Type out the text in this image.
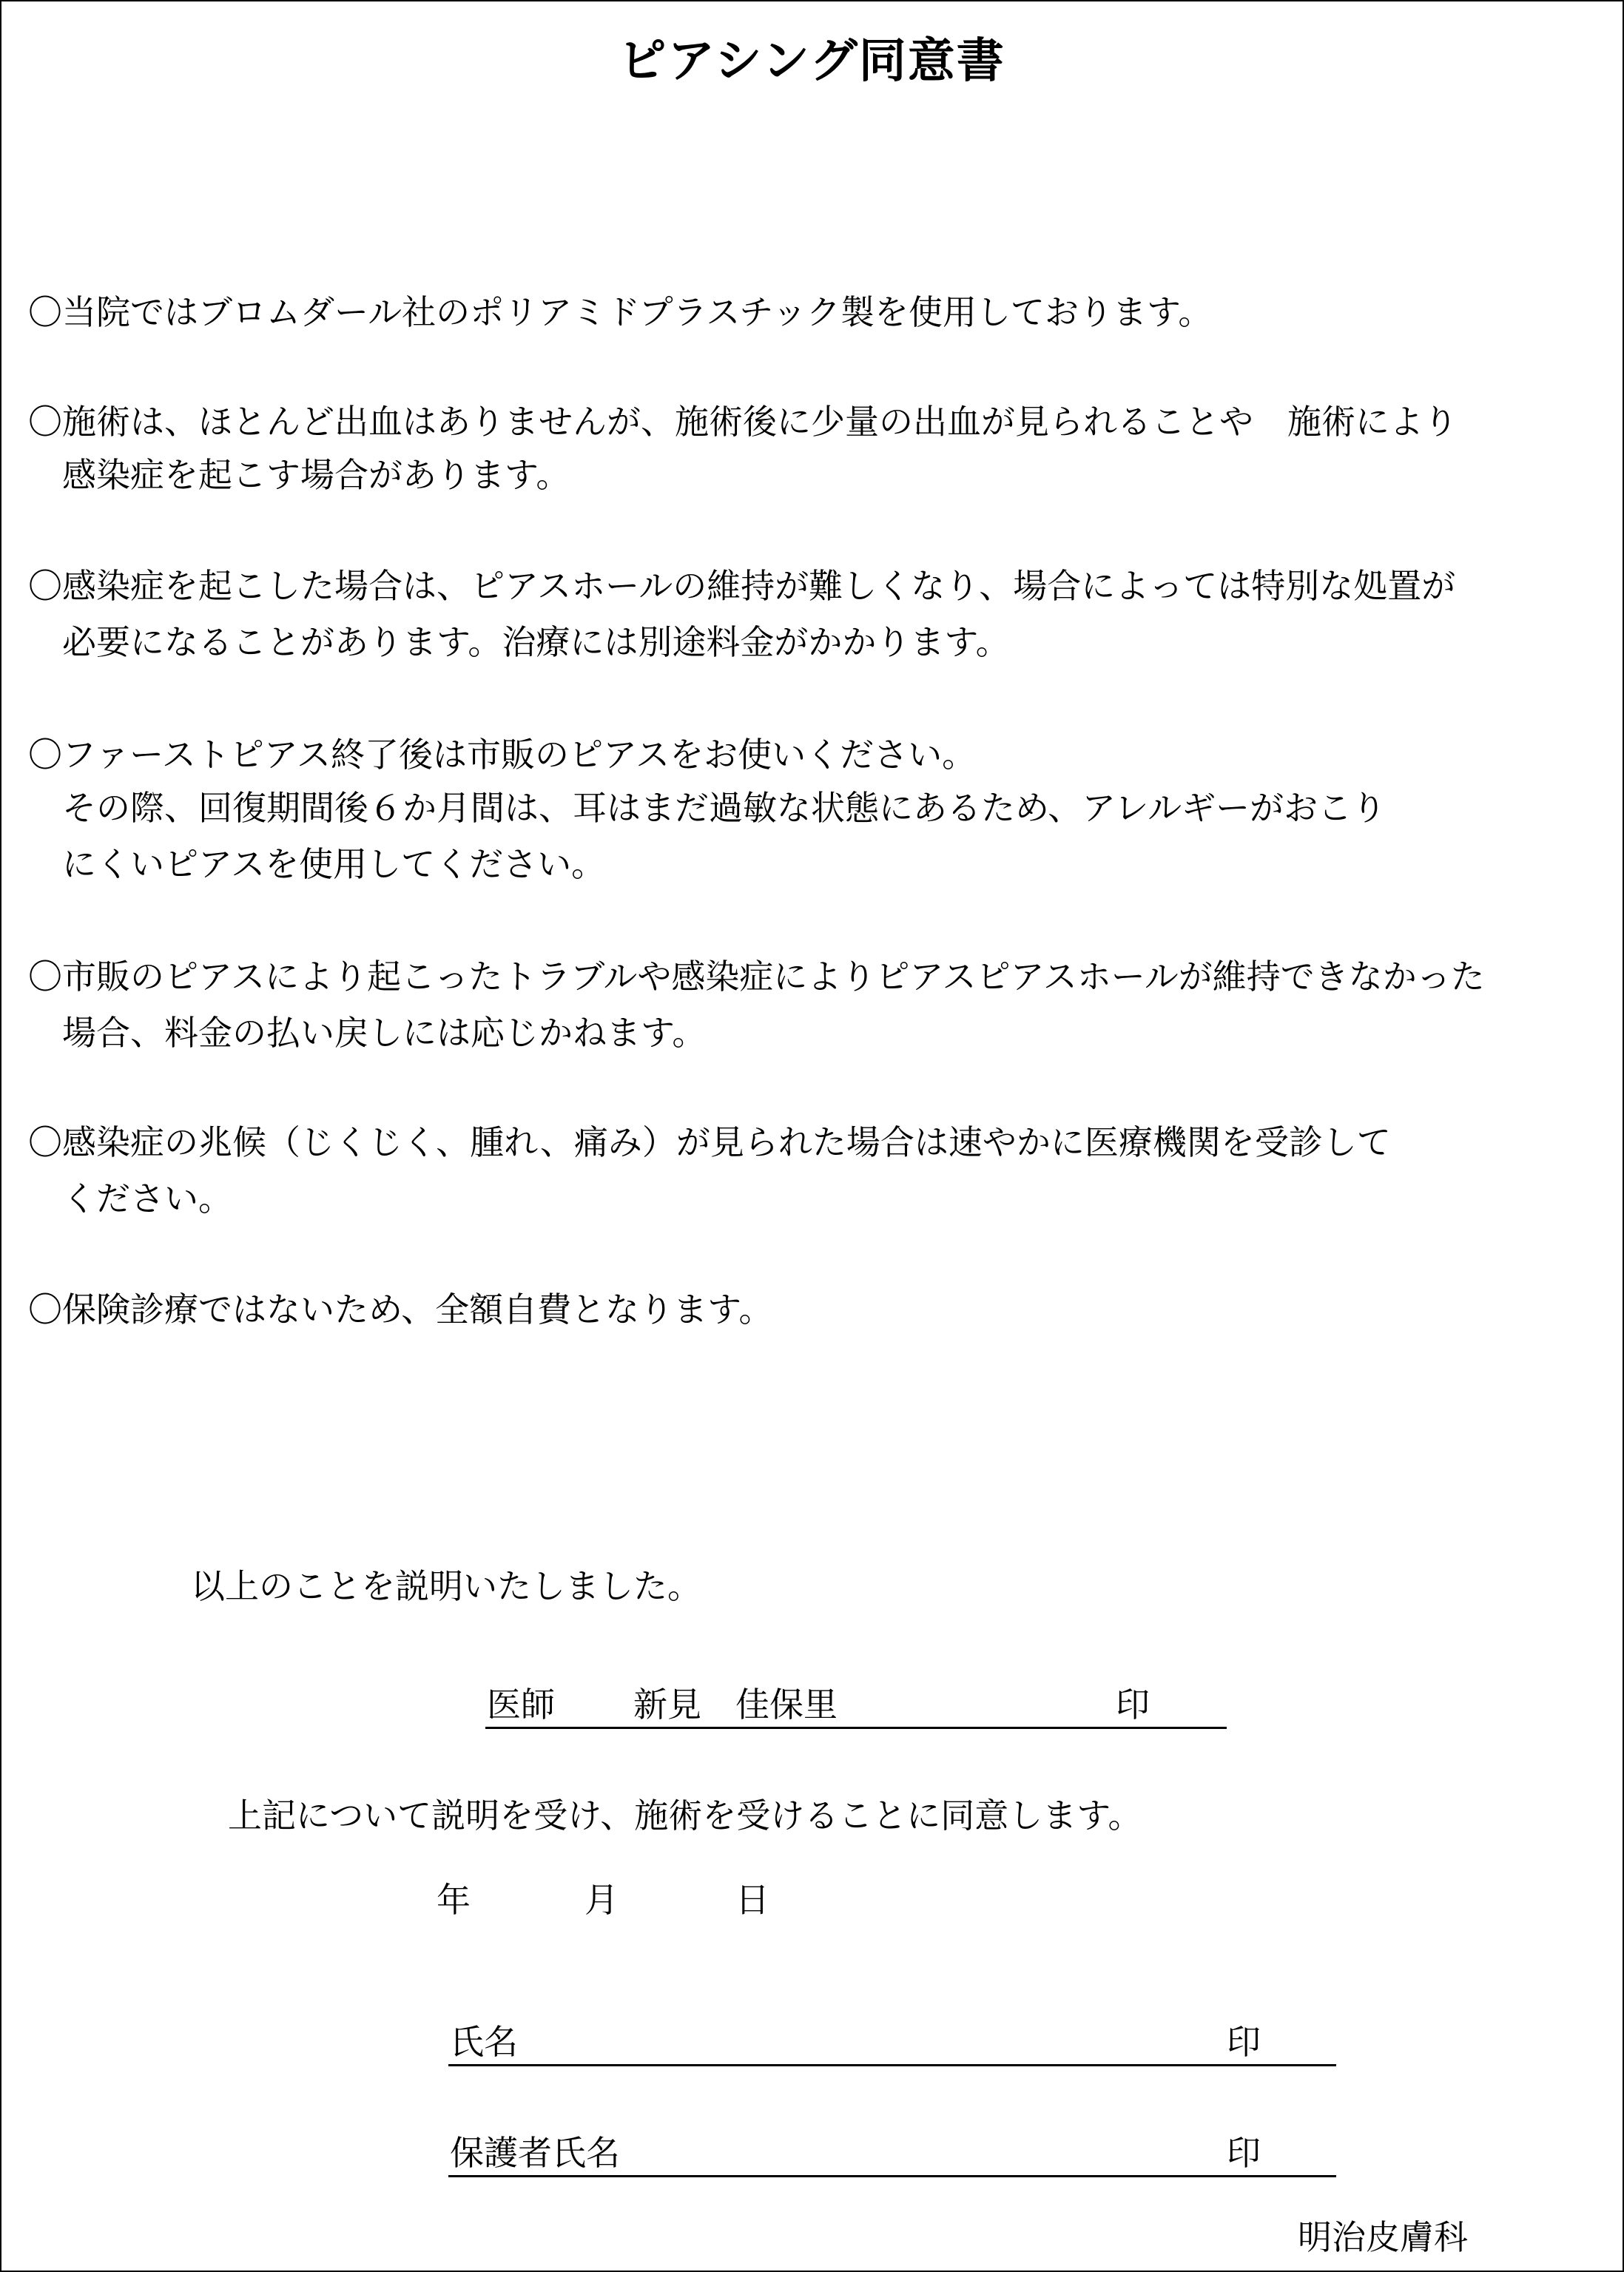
ピアシング同意書
〇当院ではブロムダール社のポリアミドプラスチック製を使用しております。
〇施術は、ほとんど出血はありませんが、施術後に少量の出血が見られることや　施術により
　感染症を起こす場合があります。
〇感染症を起こした場合は、ピアスホールの維持が難しくなり、場合によっては特別な処置が
　必要になることがあります。治療には別途料金がかかります。
〇ファーストピアス終了後は市販のピアスをお使いください。
　その際、回復期間後６か月間は、耳はまだ過敏な状態にあるため、アレルギーがおこり
　にくいピアスを使用してください。
〇市販のピアスにより起こったトラブルや感染症によりピアスピアスホールが維持できなかった
　場合、料金の払い戻しには応じかねます。
〇感染症の兆候（じくじく、腫れ、痛み）が見られた場合は速やかに医療機関を受診して
　ください。
〇保険診療ではないため、全額自費となります。
以上のことを説明いたしました。
医師 新見　佳保里	印
上記について説明を受け、施術を受けることに同意します。
年	月	日
氏名	印
保護者氏名	印
明治皮膚科
